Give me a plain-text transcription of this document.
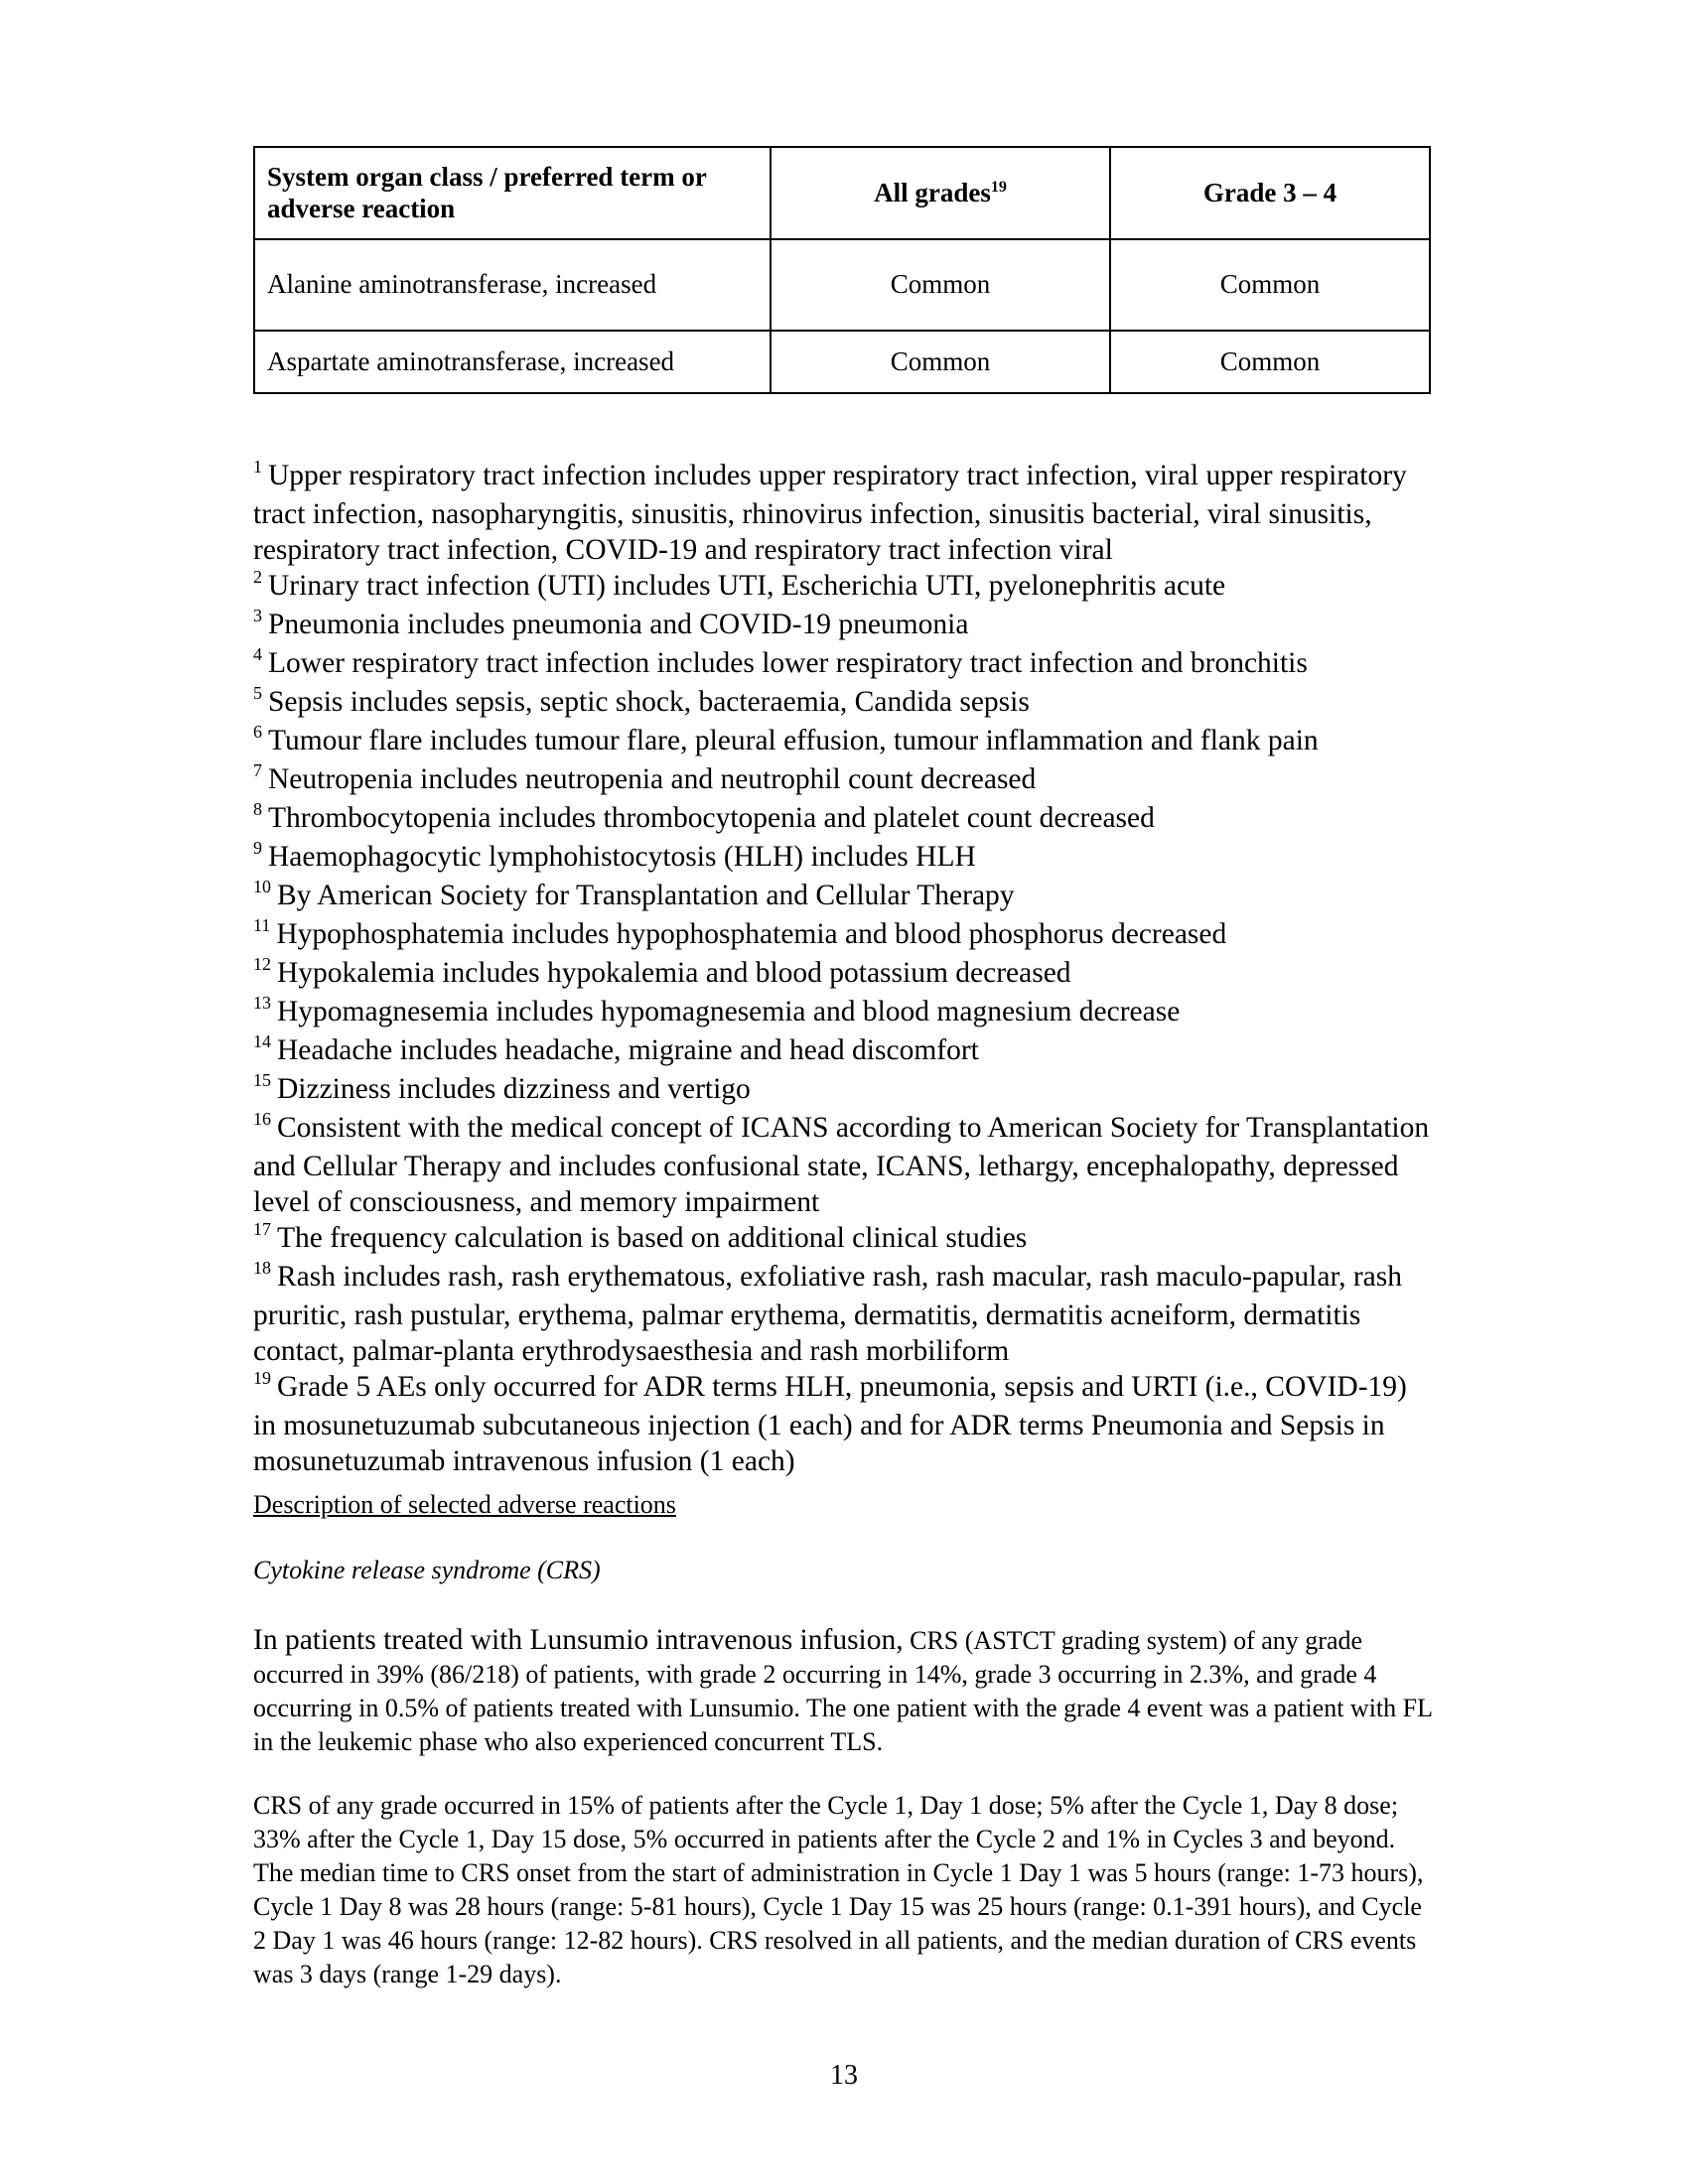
System organ class / preferred term or adverse reaction	All grades$^{19}$	Grade 3 – 4
Alanine aminotransferase, increased	Common	Common
Aspartate aminotransferase, increased	Common	Common

$^1$ Upper respiratory tract infection includes upper respiratory tract infection, viral upper respiratory tract infection, nasopharyngitis, sinusitis, rhinovirus infection, sinusitis bacterial, viral sinusitis, respiratory tract infection, COVID-19 and respiratory tract infection viral

$^2$ Urinary tract infection (UTI) includes UTI, Escherichia UTI, pyelonephritis acute

$^3$ Pneumonia includes pneumonia and COVID-19 pneumonia

$^4$ Lower respiratory tract infection includes lower respiratory tract infection and bronchitis

$^5$ Sepsis includes sepsis, septic shock, bacteraemia, Candida sepsis

$^6$ Tumour flare includes tumour flare, pleural effusion, tumour inflammation and flank pain

$^7$ Neutropenia includes neutropenia and neutrophil count decreased

$^8$ Thrombocytopenia includes thrombocytopenia and platelet count decreased

$^9$ Haemophagocytic lymphohistocytosis (HLH) includes HLH

$^{10}$ By American Society for Transplantation and Cellular Therapy

$^{11}$ Hypophosphatemia includes hypophosphatemia and blood phosphorus decreased

$^{12}$ Hypokalemia includes hypokalemia and blood potassium decreased

$^{13}$ Hypomagnesemia includes hypomagnesemia and blood magnesium decrease

$^{14}$ Headache includes headache, migraine and head discomfort

$^{15}$ Dizziness includes dizziness and vertigo

$^{16}$ Consistent with the medical concept of ICANS according to American Society for Transplantation and Cellular Therapy and includes confusional state, ICANS, lethargy, encephalopathy, depressed level of consciousness, and memory impairment

$^{17}$ The frequency calculation is based on additional clinical studies

$^{18}$ Rash includes rash, rash erythematous, exfoliative rash, rash macular, rash maculo-papular, rash pruritic, rash pustular, erythema, palmar erythema, dermatitis, dermatitis acneiform, dermatitis contact, palmar-planta erythrodysaesthesia and rash morbiliform

$^{19}$ Grade 5 AEs only occurred for ADR terms HLH, pneumonia, sepsis and URTI (i.e., COVID-19) in mosunetuzumab subcutaneous injection (1 each) and for ADR terms Pneumonia and Sepsis in mosunetuzumab intravenous infusion (1 each)

Description of selected adverse reactions

Cytokine release syndrome (CRS)

In patients treated with Lunsumio intravenous infusion, CRS (ASTCT grading system) of any grade occurred in 39% (86/218) of patients, with grade 2 occurring in 14%, grade 3 occurring in 2.3%, and grade 4 occurring in 0.5% of patients treated with Lunsumio. The one patient with the grade 4 event was a patient with FL in the leukemic phase who also experienced concurrent TLS.

CRS of any grade occurred in 15% of patients after the Cycle 1, Day 1 dose; 5% after the Cycle 1, Day 8 dose; 33% after the Cycle 1, Day 15 dose, 5% occurred in patients after the Cycle 2 and 1% in Cycles 3 and beyond. The median time to CRS onset from the start of administration in Cycle 1 Day 1 was 5 hours (range: 1-73 hours), Cycle 1 Day 8 was 28 hours (range: 5-81 hours), Cycle 1 Day 15 was 25 hours (range: 0.1-391 hours), and Cycle 2 Day 1 was 46 hours (range: 12-82 hours). CRS resolved in all patients, and the median duration of CRS events was 3 days (range 1-29 days).

13
